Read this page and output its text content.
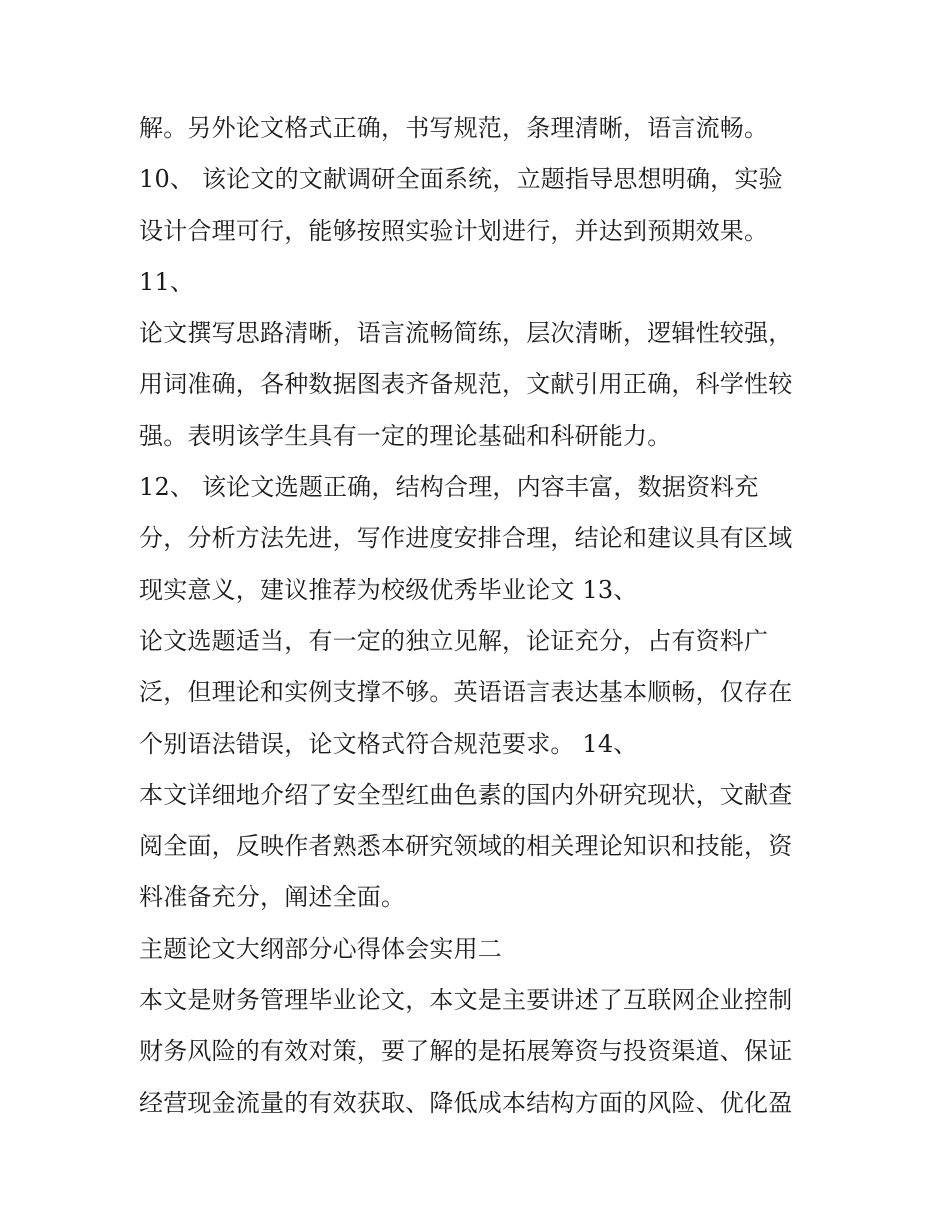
解。另外论文格式正确，书写规范，条理清晰，语言流畅。
10、 该论文的文献调研全面系统，立题指导思想明确，实验
设计合理可行，能够按照实验计划进行，并达到预期效果。
11、
论文撰写思路清晰，语言流畅简练，层次清晰，逻辑性较强，
用词准确，各种数据图表齐备规范，文献引用正确，科学性较
强。表明该学生具有一定的理论基础和科研能力。
12、 该论文选题正确，结构合理，内容丰富，数据资料充
分，分析方法先进，写作进度安排合理，结论和建议具有区域
现实意义，建议推荐为校级优秀毕业论文 13、
论文选题适当，有一定的独立见解，论证充分，占有资料广
泛，但理论和实例支撑不够。英语语言表达基本顺畅，仅存在
个别语法错误，论文格式符合规范要求。 14、
本文详细地介绍了安全型红曲色素的国内外研究现状，文献查
阅全面，反映作者熟悉本研究领域的相关理论知识和技能，资
料准备充分，阐述全面。
主题论文大纲部分心得体会实用二
本文是财务管理毕业论文，本文是主要讲述了互联网企业控制
财务风险的有效对策，要了解的是拓展筹资与投资渠道、保证
经营现金流量的有效获取、降低成本结构方面的风险、优化盈
